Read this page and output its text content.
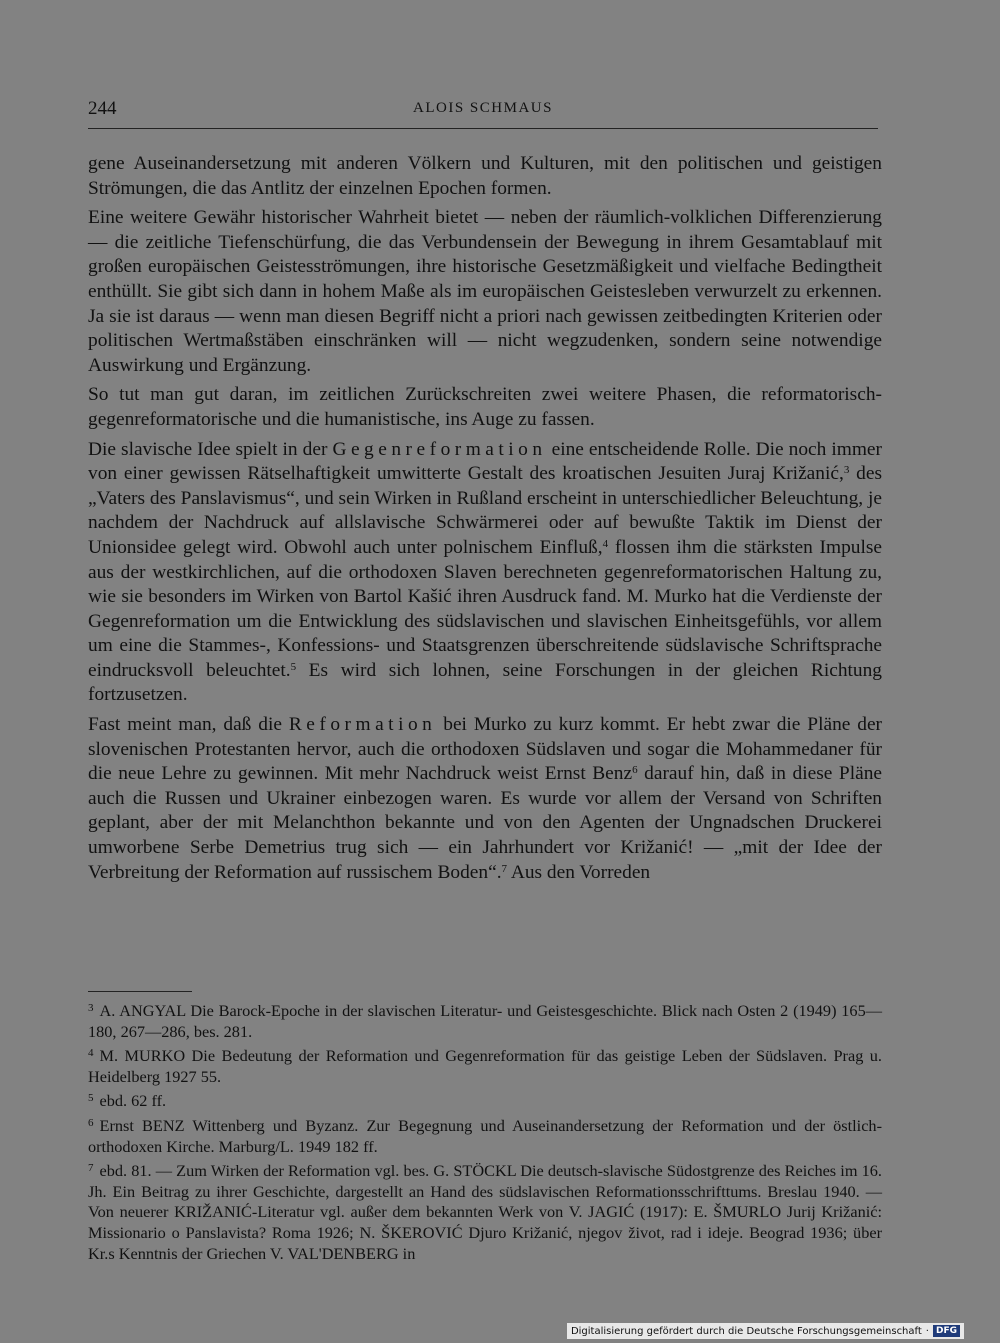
244	ALOIS SCHMAUS

gene Auseinandersetzung mit anderen Völkern und Kulturen, mit den politischen und geistigen Strömungen, die das Antlitz der einzelnen Epochen formen.

Eine weitere Gewähr historischer Wahrheit bietet — neben der räumlich-volklichen Differenzierung — die zeitliche Tiefenschürfung, die das Verbundensein der Bewegung in ihrem Gesamtablauf mit großen europäischen Geistesströmungen, ihre historische Gesetzmäßigkeit und vielfache Bedingtheit enthüllt. Sie gibt sich dann in hohem Maße als im europäischen Geistesleben verwurzelt zu erkennen. Ja sie ist daraus — wenn man diesen Begriff nicht a priori nach gewissen zeitbedingten Kriterien oder politischen Wertmaßstäben einschränken will — nicht wegzudenken, sondern seine notwendige Auswirkung und Ergänzung.

So tut man gut daran, im zeitlichen Zurückschreiten zwei weitere Phasen, die reformatorisch-gegenreformatorische und die humanistische, ins Auge zu fassen.

Die slavische Idee spielt in der Gegenreformation eine entscheidende Rolle. Die noch immer von einer gewissen Rätselhaftigkeit umwitterte Gestalt des kroatischen Jesuiten Juraj Križanić,$^3$ des „Vaters des Panslavismus“, und sein Wirken in Rußland erscheint in unterschiedlicher Beleuchtung, je nachdem der Nachdruck auf allslavische Schwärmerei oder auf bewußte Taktik im Dienst der Unionsidee gelegt wird. Obwohl auch unter polnischem Einfluß,$^4$ flossen ihm die stärksten Impulse aus der westkirchlichen, auf die orthodoxen Slaven berechneten gegenreformatorischen Haltung zu, wie sie besonders im Wirken von Bartol Kašić ihren Ausdruck fand. M. Murko hat die Verdienste der Gegenreformation um die Entwicklung des südslavischen und slavischen Einheitsgefühls, vor allem um eine die Stammes-, Konfessions- und Staatsgrenzen überschreitende südslavische Schriftsprache eindrucksvoll beleuchtet.$^5$ Es wird sich lohnen, seine Forschungen in der gleichen Richtung fortzusetzen.

Fast meint man, daß die Reformation bei Murko zu kurz kommt. Er hebt zwar die Pläne der slovenischen Protestanten hervor, auch die orthodoxen Südslaven und sogar die Mohammedaner für die neue Lehre zu gewinnen. Mit mehr Nachdruck weist Ernst Benz$^6$ darauf hin, daß in diese Pläne auch die Russen und Ukrainer einbezogen waren. Es wurde vor allem der Versand von Schriften geplant, aber der mit Melanchthon bekannte und von den Agenten der Ungnadschen Druckerei umworbene Serbe Demetrius trug sich — ein Jahrhundert vor Križanić! — „mit der Idee der Verbreitung der Reformation auf russischem Boden“.$^7$ Aus den Vorreden

$^3$ A. ANGYAL Die Barock-Epoche in der slavischen Literatur- und Geistesgeschichte. Blick nach Osten 2 (1949) 165—180, 267—286, bes. 281.
$^4$ M. MURKO Die Bedeutung der Reformation und Gegenreformation für das geistige Leben der Südslaven. Prag u. Heidelberg 1927 55.
$^5$ ebd. 62 ff.
$^6$ Ernst BENZ Wittenberg und Byzanz. Zur Begegnung und Auseinandersetzung der Reformation und der östlich-orthodoxen Kirche. Marburg/L. 1949 182 ff.
$^7$ ebd. 81. — Zum Wirken der Reformation vgl. bes. G. STÖCKL Die deutsch-slavische Südostgrenze des Reiches im 16. Jh. Ein Beitrag zu ihrer Geschichte, dargestellt an Hand des südslavischen Reformationsschrifttums. Breslau 1940. — Von neuerer KRIŽANIĆ-Literatur vgl. außer dem bekannten Werk von V. JAGIĆ (1917): E. ŠMURLO Jurij Križanić: Missionario o Panslavista? Roma 1926; N. ŠKEROVIĆ Djuro Križanić, njegov život, rad i ideje. Beograd 1936; über Kr.s Kenntnis der Griechen V. VAL'DENBERG in
Digitalisierung gefördert durch die Deutsche Forschungsgemeinschaft · DFG
